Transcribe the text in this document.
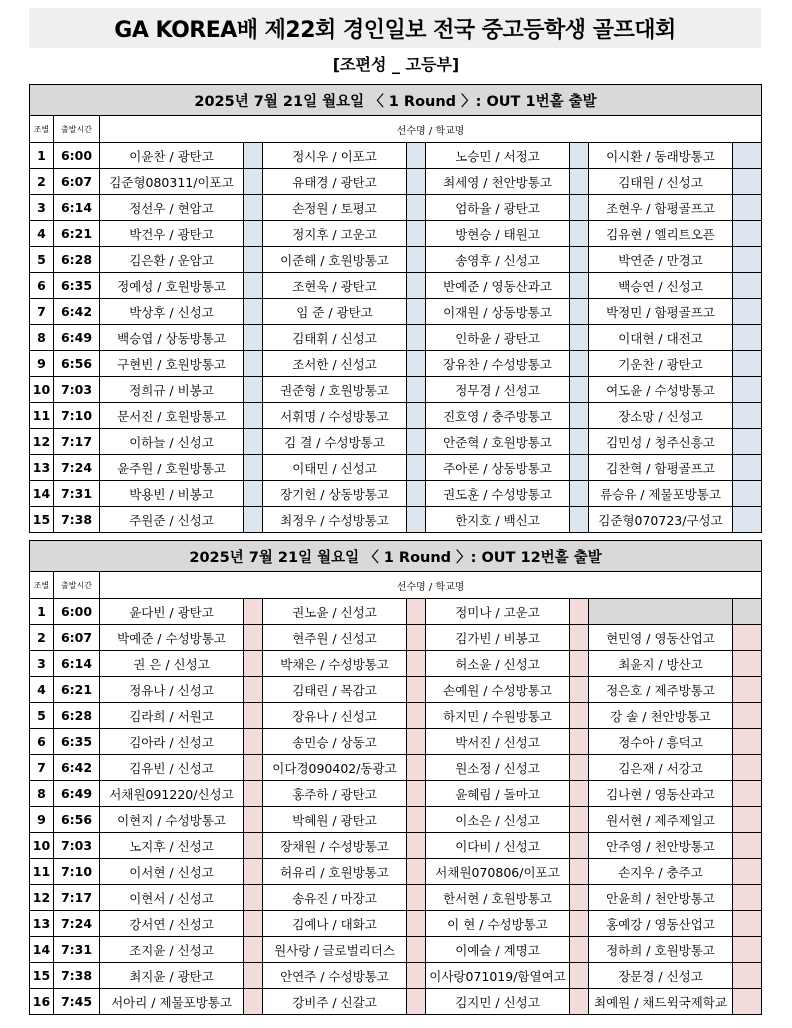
GA KOREA배 제22회 경인일보 전국 중고등학생 골프대회
[조편성 _ 고등부]
2025년 7월 21일 월요일 〈 1 Round 〉: OUT 1번홀 출발									
조별	출발시간	선수명 / 학교명							
1	6:00	이윤찬 / 광탄고		정시우 / 이포고		노승민 / 서정고		이시환 / 동래방통고	
2	6:07	김준형080311/이포고		유태경 / 광탄고		최세영 / 천안방통고		김태원 / 신성고	
3	6:14	정선우 / 현암고		손정원 / 토평고		엄하율 / 광탄고		조현우 / 함평골프고	
4	6:21	박건우 / 광탄고		정지후 / 고운고		방현승 / 태원고		김유현 / 엘리트오픈	
5	6:28	김은환 / 운암고		이준해 / 호원방통고		송영후 / 신성고		박연준 / 만경고	
6	6:35	정예성 / 호원방통고		조현욱 / 광탄고		반예준 / 영동산과고		백승연 / 신성고	
7	6:42	박상후 / 신성고		임 준 / 광탄고		이재원 / 상동방통고		박정민 / 함평골프고	
8	6:49	백승엽 / 상동방통고		김태휘 / 신성고		인하윤 / 광탄고		이대현 / 대전고	
9	6:56	구현빈 / 호원방통고		조서한 / 신성고		장유찬 / 수성방통고		기운찬 / 광탄고	
10	7:03	정희규 / 비봉고		권준형 / 호원방통고		정무경 / 신성고		여도윤 / 수성방통고	
11	7:10	문서진 / 호원방통고		서휘명 / 수성방통고		진호영 / 충주방통고		장소망 / 신성고	
12	7:17	이하늘 / 신성고		김 결 / 수성방통고		안준혁 / 호원방통고		김민성 / 청주신흥고	
13	7:24	윤주원 / 호원방통고		이태민 / 신성고		주아론 / 상동방통고		김찬혁 / 함평골프고	
14	7:31	박용빈 / 비봉고		장기헌 / 상동방통고		권도훈 / 수성방통고		류승유 / 제물포방통고	
15	7:38	주원준 / 신성고		최정우 / 수성방통고		한지호 / 백신고		김준형070723/구성고	
2025년 7월 21일 월요일 〈 1 Round 〉: OUT 12번홀 출발									
조별	출발시간	선수명 / 학교명							
1	6:00	윤다빈 / 광탄고		권노윤 / 신성고		정미나 / 고운고			
2	6:07	박예준 / 수성방통고		현주원 / 신성고		김가빈 / 비봉고		현민영 / 영동산업고	
3	6:14	권 은 / 신성고		박채은 / 수성방통고		허소윤 / 신성고		최윤지 / 방산고	
4	6:21	정유나 / 신성고		김태린 / 목감고		손예원 / 수성방통고		정은호 / 제주방통고	
5	6:28	김라희 / 서원고		장유나 / 신성고		하지민 / 수원방통고		강 솔 / 천안방통고	
6	6:35	김아라 / 신성고		송민승 / 상동고		박서진 / 신성고		정수아 / 흥덕고	
7	6:42	김유빈 / 신성고		이다경090402/동광고		원소정 / 신성고		김은재 / 서강고	
8	6:49	서채원091220/신성고		홍주하 / 광탄고		윤혜림 / 돌마고		김나현 / 영동산과고	
9	6:56	이현지 / 수성방통고		박혜원 / 광탄고		이소은 / 신성고		원서현 / 제주제일고	
10	7:03	노지후 / 신성고		장채원 / 수성방통고		이다비 / 신성고		안주영 / 천안방통고	
11	7:10	이서현 / 신성고		허유리 / 호원방통고		서채원070806/이포고		손지우 / 충주고	
12	7:17	이현서 / 신성고		송유진 / 마장고		한서현 / 호원방통고		안윤희 / 천안방통고	
13	7:24	강서연 / 신성고		김예나 / 대화고		이 현 / 수성방통고		홍예강 / 영동산업고	
14	7:31	조지윤 / 신성고		원사랑 / 글로벌리더스		이예슬 / 계명고		정하희 / 호원방통고	
15	7:38	최지윤 / 광탄고		안연주 / 수성방통고		이사랑071019/함열여고		장문경 / 신성고	
16	7:45	서아리 / 제물포방통고		강비주 / 신갈고		김지민 / 신성고		최예원 / 채드윅국제학교	
